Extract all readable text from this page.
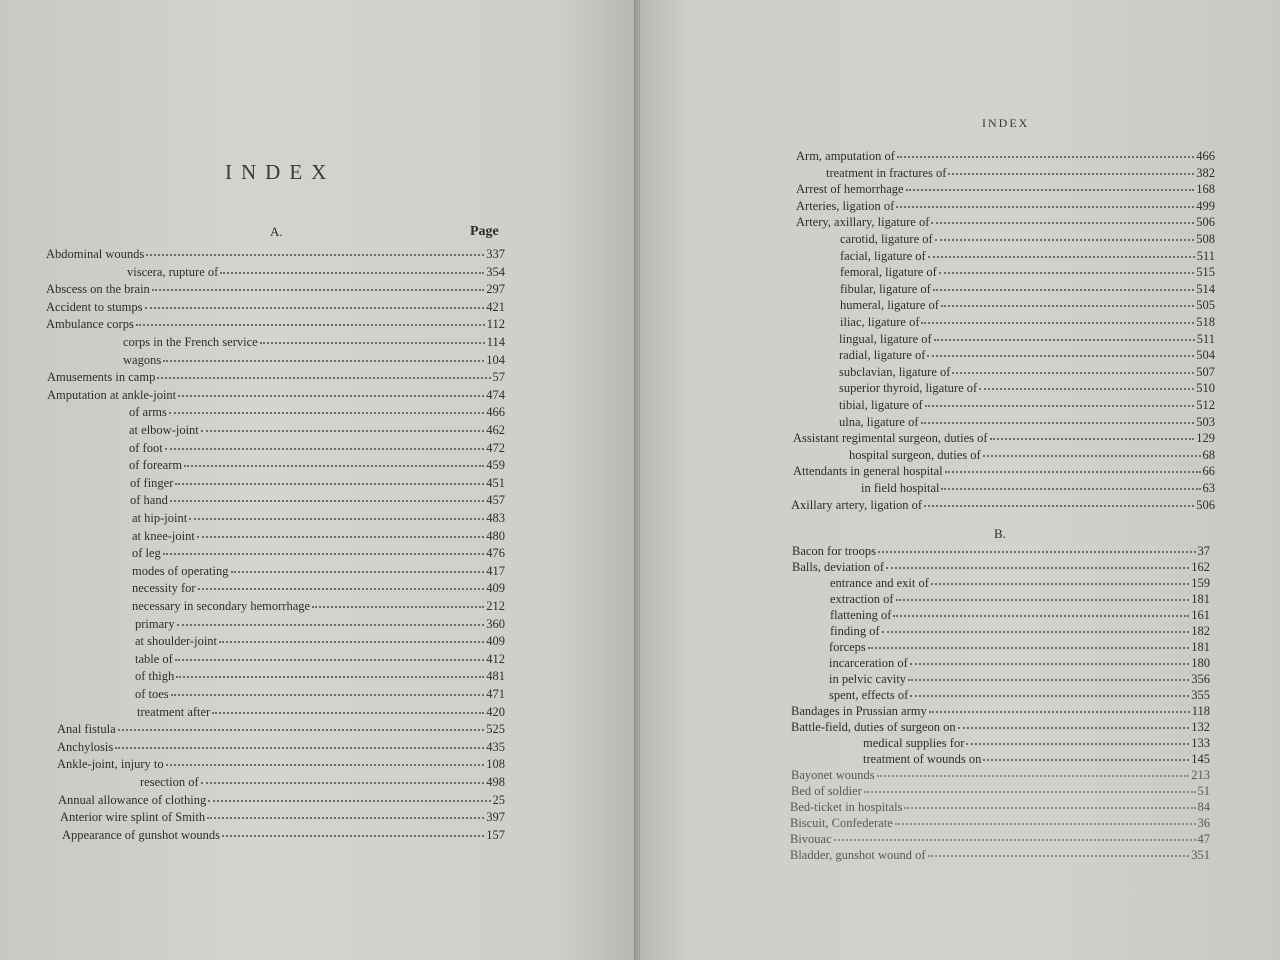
INDEX
A.	Page
Abdominal wounds	337
viscera, rupture of	354
Abscess on the brain	297
Accident to stumps	421
Ambulance corps	112
corps in the French service	114
wagons	104
Amusements in camp	57
Amputation at ankle-joint	474
of arms	466
at elbow-joint	462
of foot	472
of forearm	459
of finger	451
of hand	457
at hip-joint	483
at knee-joint	480
of leg	476
modes of operating	417
necessity for	409
necessary in secondary hemorrhage	212
primary	360
at shoulder-joint	409
table of	412
of thigh	481
of toes	471
treatment after	420
Anal fistula	525
Anchylosis	435
Ankle-joint, injury to	108
resection of	498
Annual allowance of clothing	25
Anterior wire splint of Smith	397
Appearance of gunshot wounds	157
INDEX
Arm, amputation of	466
treatment in fractures of	382
Arrest of hemorrhage	168
Arteries, ligation of	499
Artery, axillary, ligature of	506
carotid, ligature of	508
facial, ligature of	511
femoral, ligature of	515
fibular, ligature of	514
humeral, ligature of	505
iliac, ligature of	518
lingual, ligature of	511
radial, ligature of	504
subclavian, ligature of	507
superior thyroid, ligature of	510
tibial, ligature of	512
ulna, ligature of	503
Assistant regimental surgeon, duties of	129
hospital surgeon, duties of	68
Attendants in general hospital	66
in field hospital	63
Axillary artery, ligation of	506
B.
Bacon for troops	37
Balls, deviation of	162
entrance and exit of	159
extraction of	181
flattening of	161
finding of	182
forceps	181
incarceration of	180
in pelvic cavity	356
spent, effects of	355
Bandages in Prussian army	118
Battle-field, duties of surgeon on	132
medical supplies for	133
treatment of wounds on	145
Bayonet wounds	213
Bed of soldier	51
Bed-ticket in hospitals	84
Biscuit, Confederate	36
Bivouac	47
Bladder, gunshot wound of	351
